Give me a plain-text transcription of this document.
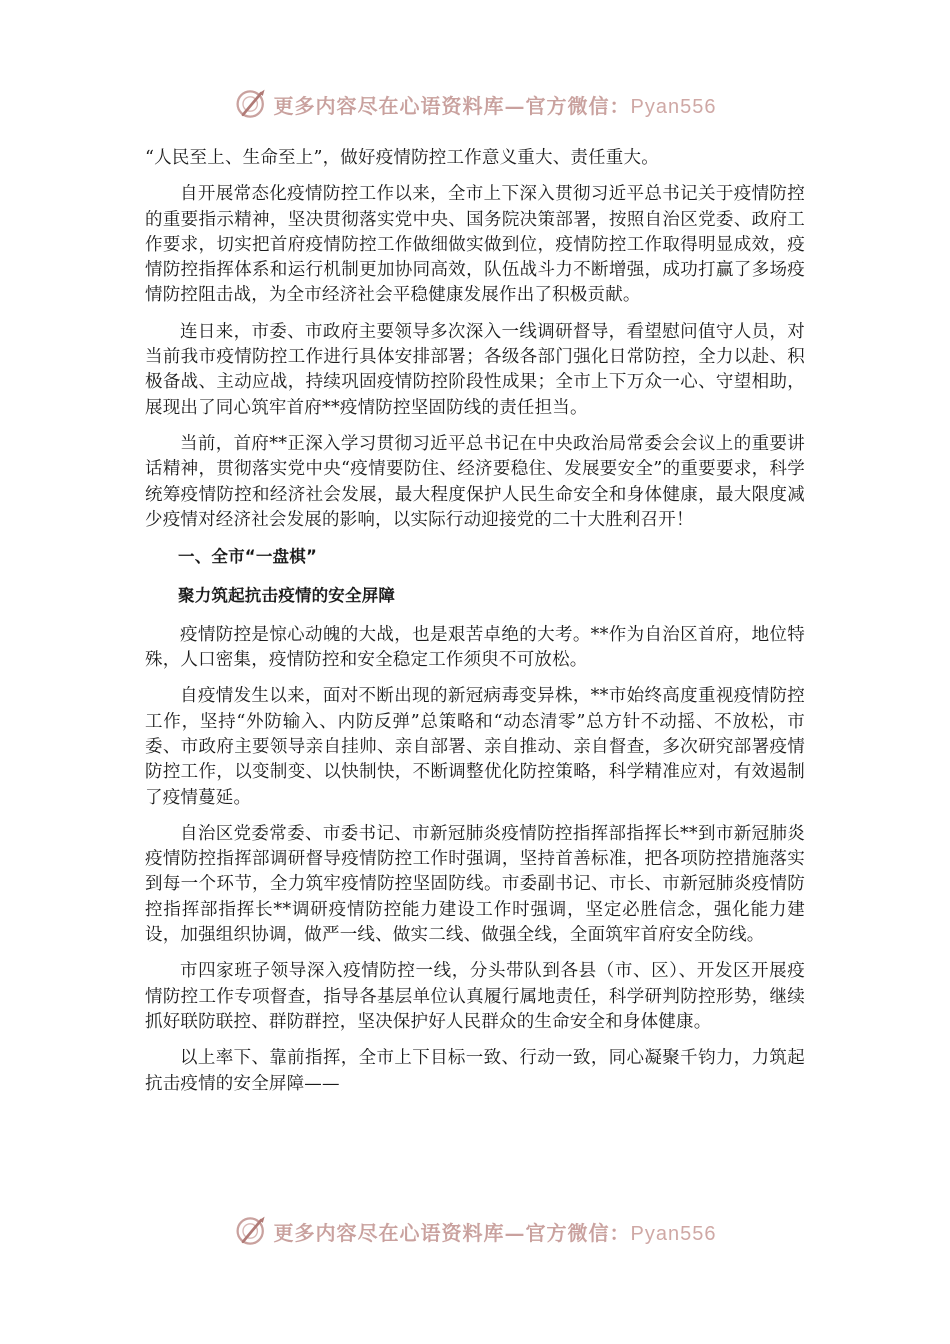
更多内容尽在心语资料库—官方微信：Pyan556

“人民至上、生命至上”，做好疫情防控工作意义重大、责任重大。

自开展常态化疫情防控工作以来，全市上下深入贯彻习近平总书记关于疫情防控的重要指示精神，坚决贯彻落实党中央、国务院决策部署，按照自治区党委、政府工作要求，切实把首府疫情防控工作做细做实做到位，疫情防控工作取得明显成效，疫情防控指挥体系和运行机制更加协同高效，队伍战斗力不断增强，成功打赢了多场疫情防控阻击战，为全市经济社会平稳健康发展作出了积极贡献。

连日来，市委、市政府主要领导多次深入一线调研督导，看望慰问值守人员，对当前我市疫情防控工作进行具体安排部署；各级各部门强化日常防控，全力以赴、积极备战、主动应战，持续巩固疫情防控阶段性成果；全市上下万众一心、守望相助，展现出了同心筑牢首府**疫情防控坚固防线的责任担当。

当前，首府**正深入学习贯彻习近平总书记在中央政治局常委会会议上的重要讲话精神，贯彻落实党中央“疫情要防住、经济要稳住、发展要安全”的重要要求，科学统筹疫情防控和经济社会发展，最大程度保护人民生命安全和身体健康，最大限度减少疫情对经济社会发展的影响，以实际行动迎接党的二十大胜利召开！

一、全市“一盘棋”

聚力筑起抗击疫情的安全屏障

疫情防控是惊心动魄的大战，也是艰苦卓绝的大考。**作为自治区首府，地位特殊，人口密集，疫情防控和安全稳定工作须臾不可放松。

自疫情发生以来，面对不断出现的新冠病毒变异株，**市始终高度重视疫情防控工作，坚持“外防输入、内防反弹”总策略和“动态清零”总方针不动摇、不放松，市委、市政府主要领导亲自挂帅、亲自部署、亲自推动、亲自督查，多次研究部署疫情防控工作，以变制变、以快制快，不断调整优化防控策略，科学精准应对，有效遏制了疫情蔓延。

自治区党委常委、市委书记、市新冠肺炎疫情防控指挥部指挥长**到市新冠肺炎疫情防控指挥部调研督导疫情防控工作时强调，坚持首善标准，把各项防控措施落实到每一个环节，全力筑牢疫情防控坚固防线。市委副书记、市长、市新冠肺炎疫情防控指挥部指挥长**调研疫情防控能力建设工作时强调，坚定必胜信念，强化能力建设，加强组织协调，做严一线、做实二线、做强全线，全面筑牢首府安全防线。

市四家班子领导深入疫情防控一线，分头带队到各县（市、区）、开发区开展疫情防控工作专项督查，指导各基层单位认真履行属地责任，科学研判防控形势，继续抓好联防联控、群防群控，坚决保护好人民群众的生命安全和身体健康。

以上率下、靠前指挥，全市上下目标一致、行动一致，同心凝聚千钧力，力筑起抗击疫情的安全屏障——

更多内容尽在心语资料库—官方微信：Pyan556
